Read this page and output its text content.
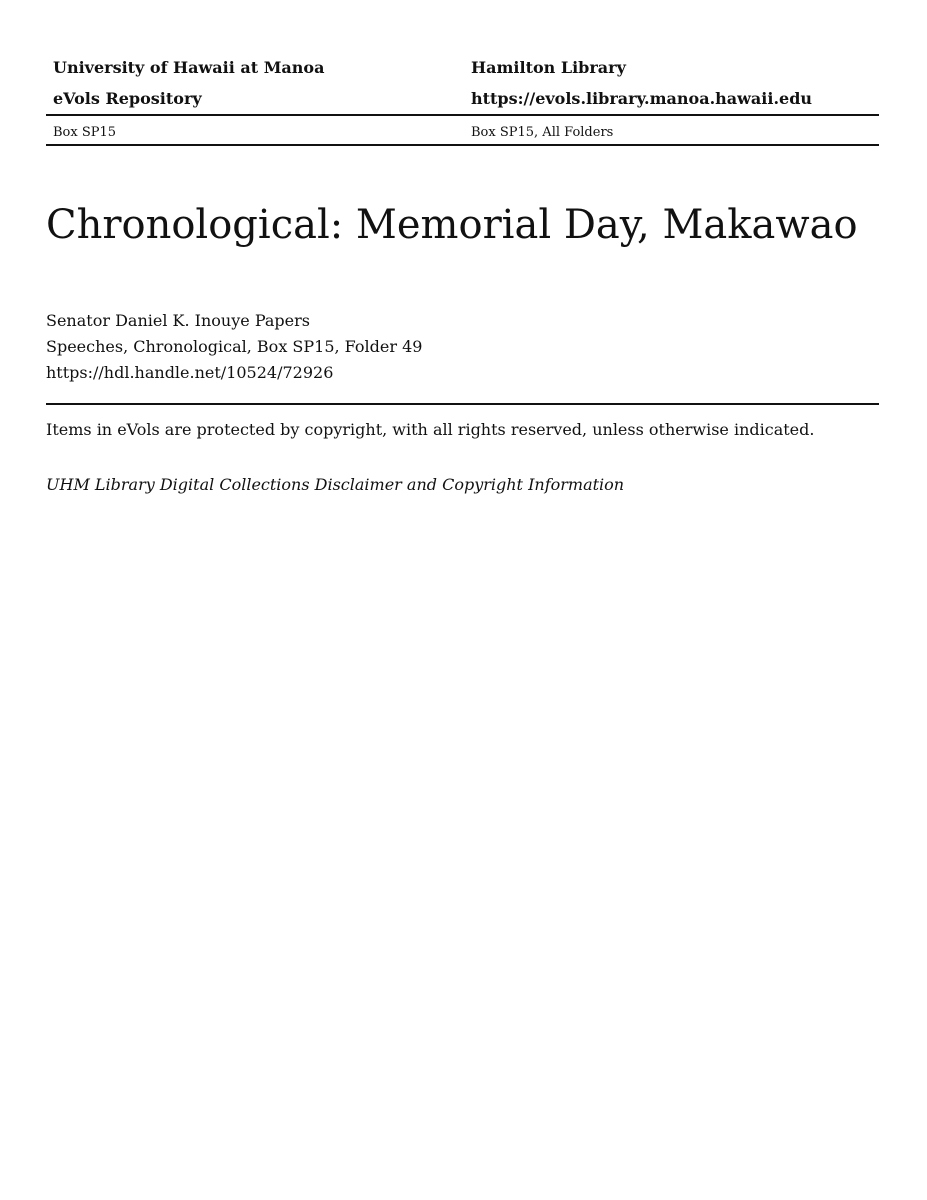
University of Hawaii at Manoa	Hamilton Library
eVols Repository	https://evols.library.manoa.hawaii.edu
Box SP15	Box SP15, All Folders
Chronological: Memorial Day, Makawao
Senator Daniel K. Inouye Papers
Speeches, Chronological, Box SP15, Folder 49
https://hdl.handle.net/10524/72926
Items in eVols are protected by copyright, with all rights reserved, unless otherwise indicated.
UHM Library Digital Collections Disclaimer and Copyright Information
